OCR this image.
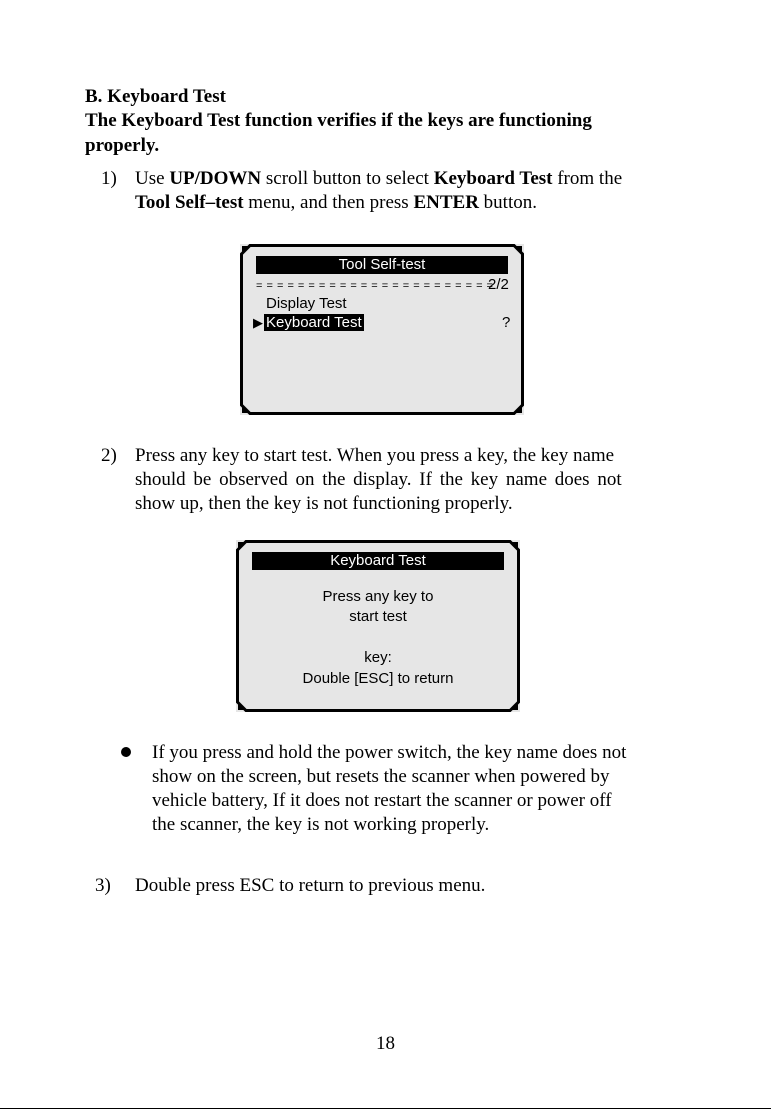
B. Keyboard Test
The Keyboard Test function verifies if the keys are functioning
properly.
1) Use UP/DOWN scroll button to select Keyboard Test from the
Tool Self–test menu, and then press ENTER button.
Tool Self-test
= = = = = = = = = = = = = = = = = = = = = = =
2/2
Display Test
▶ Keyboard Test	?
2) Press any key to start test. When you press a key, the key name
should be observed on the display. If the key name does not
show up, then the key is not functioning properly.
Keyboard Test
Press any key to
start test
key:
Double [ESC] to return
If you press and hold the power switch, the key name does not
show on the screen, but resets the scanner when powered by
vehicle battery, If it does not restart the scanner or power off
the scanner, the key is not working properly.
3) Double press ESC to return to previous menu.
18
